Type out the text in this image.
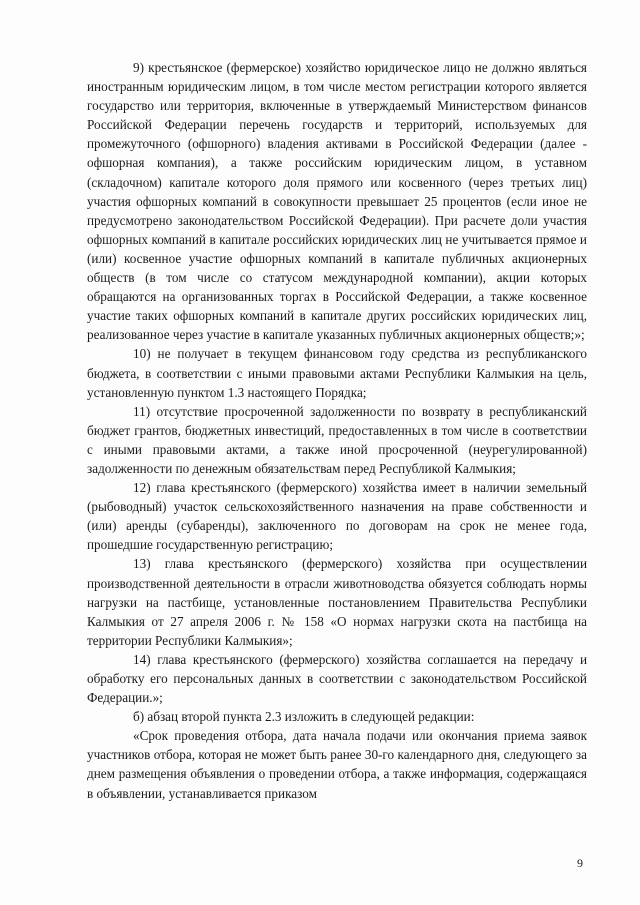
9) крестьянское (фермерское) хозяйство юридическое лицо не должно являться иностранным юридическим лицом, в том числе местом регистрации которого является государство или территория, включенные в утверждаемый Министерством финансов Российской Федерации перечень государств и территорий, используемых для промежуточного (офшорного) владения активами в Российской Федерации (далее - офшорная компания), а также российским юридическим лицом, в уставном (складочном) капитале которого доля прямого или косвенного (через третьих лиц) участия офшорных компаний в совокупности превышает 25 процентов (если иное не предусмотрено законодательством Российской Федерации). При расчете доли участия офшорных компаний в капитале российских юридических лиц не учитывается прямое и (или) косвенное участие офшорных компаний в капитале публичных акционерных обществ (в том числе со статусом международной компании), акции которых обращаются на организованных торгах в Российской Федерации, а также косвенное участие таких офшорных компаний в капитале других российских юридических лиц, реализованное через участие в капитале указанных публичных акционерных обществ;»;

10) не получает в текущем финансовом году средства из республиканского бюджета, в соответствии с иными правовыми актами Республики Калмыкия на цель, установленную пунктом 1.3 настоящего Порядка;

11) отсутствие просроченной задолженности по возврату в республиканский бюджет грантов, бюджетных инвестиций, предоставленных в том числе в соответствии с иными правовыми актами, а также иной просроченной (неурегулированной) задолженности по денежным обязательствам перед Республикой Калмыкия;

12) глава крестьянского (фермерского) хозяйства имеет в наличии земельный (рыбоводный) участок сельскохозяйственного назначения на праве собственности и (или) аренды (субаренды), заключенного по договорам на срок не менее года, прошедшие государственную регистрацию;

13) глава крестьянского (фермерского) хозяйства при осуществлении производственной деятельности в отрасли животноводства обязуется соблюдать нормы нагрузки на пастбище, установленные постановлением Правительства Республики Калмыкия от 27 апреля 2006 г. № 158 «О нормах нагрузки скота на пастбища на территории Республики Калмыкия»;

14) глава крестьянского (фермерского) хозяйства соглашается на передачу и обработку его персональных данных в соответствии с законодательством Российской Федерации.»;

б) абзац второй пункта 2.3 изложить в следующей редакции:

«Срок проведения отбора, дата начала подачи или окончания приема заявок участников отбора, которая не может быть ранее 30-го календарного дня, следующего за днем размещения объявления о проведении отбора, а также информация, содержащаяся в объявлении, устанавливается приказом

9
